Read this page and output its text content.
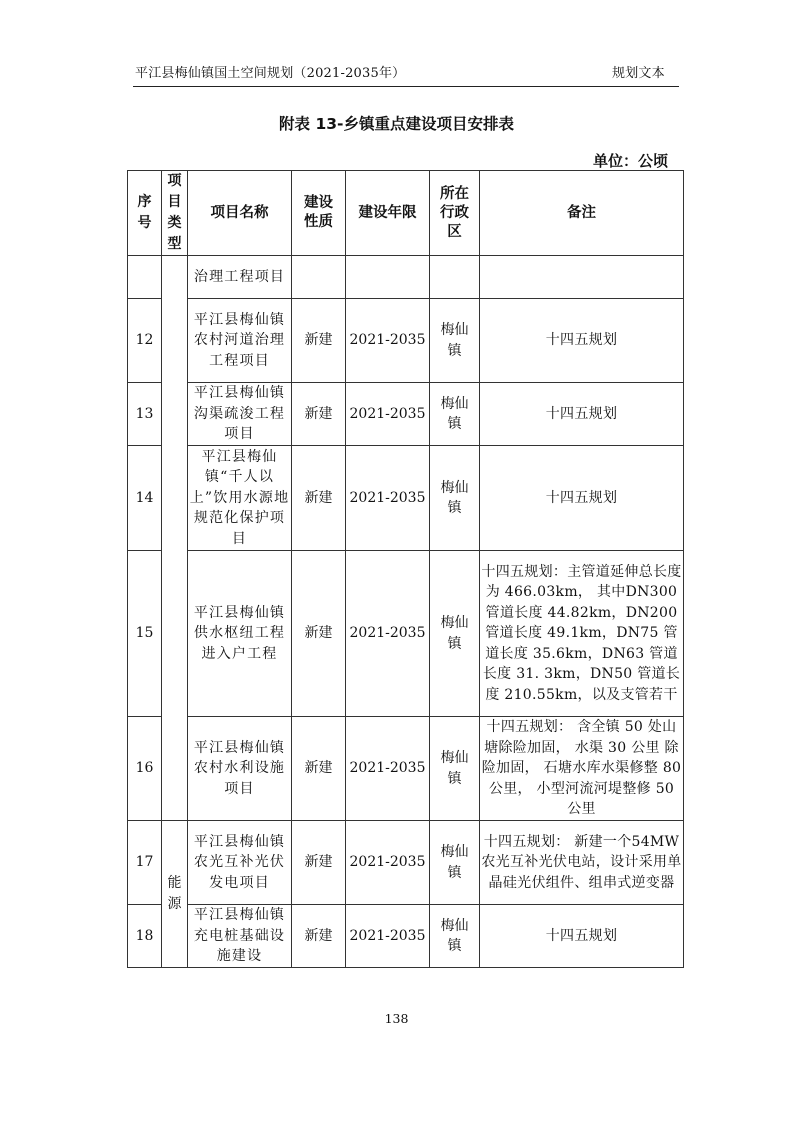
平江县梅仙镇国土空间规划（2021-2035年）	规划文本
附表 13-乡镇重点建设项目安排表
单位：公顷
序号	项目类型	项目名称	建设性质	建设年限	所在行政区	备注
		治理工程项目				
12		平江县梅仙镇农村河道治理工程项目	新建	2021-2035	梅仙镇	十四五规划
13		平江县梅仙镇沟渠疏浚工程项目	新建	2021-2035	梅仙镇	十四五规划
14		平江县梅仙镇“千人以上”饮用水源地规范化保护项目	新建	2021-2035	梅仙镇	十四五规划
15		平江县梅仙镇供水枢纽工程进入户工程	新建	2021-2035	梅仙镇	十四五规划：主管道延伸总长度为 466.03km， 其中DN300 管道长度 44.82km，DN200 管道长度 49.1km，DN75 管道长度 35.6km，DN63 管道长度 31. 3km，DN50 管道长度 210.55km，以及支管若干
16		平江县梅仙镇农村水利设施项目	新建	2021-2035	梅仙镇	十四五规划： 含全镇 50 处山塘除险加固， 水渠 30 公里 除险加固， 石塘水库水渠修整 80 公里， 小型河流河堤整修 50 公里
17	能源	平江县梅仙镇农光互补光伏发电项目	新建	2021-2035	梅仙镇	十四五规划： 新建一个54MW 农光互补光伏电站，设计采用单晶硅光伏组件、组串式逆变器
18		平江县梅仙镇充电桩基础设施建设	新建	2021-2035	梅仙镇	十四五规划
138
